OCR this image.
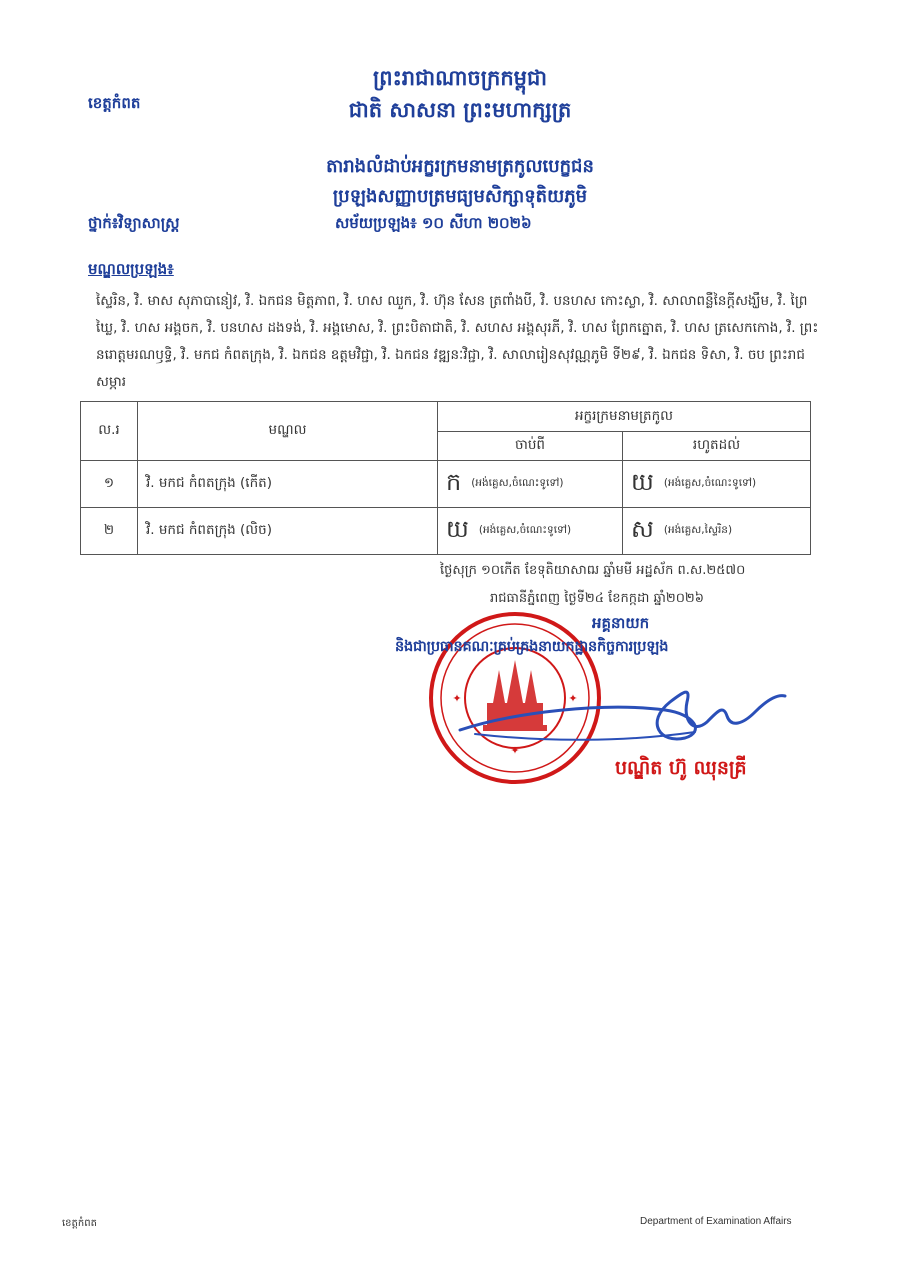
ព្រះរាជាណាចក្រកម្ពុជា
ជាតិ សាសនា ព្រះមហាក្សត្រ
ខេត្តកំពត
តារាងលំដាប់អក្ខរក្រមនាមត្រកូលបេក្ខជន
ប្រឡងសញ្ញាបត្រមធ្យមសិក្សាទុតិយភូមិ
ថ្នាក់៖វិទ្យាសាស្ត្រ	សម័យប្រឡង៖ ១០ សីហា ២០២៦
មណ្ឌលប្រឡង៖
ស្ទៃរិន, វិ. មាស សុភាបានៀវ, វិ. ឯកជន មិត្តភាព, វិ. ហស ឈួក, វិ. ហ៊ុន សែន ត្រពាំងបី, វិ. បនហស កោះស្លា, វិ. សាលាពន្លឺនៃក្តីសង្ឃឹម, វិ. ព្រៃឃ្លៃ, វិ. ហស អង្គចក, វិ. បនហស ដងទង់, វិ. អង្គមោស, វិ. ព្រះបិតាជាតិ, វិ. សហស អង្គសុរភី, វិ. ហស ព្រែកត្នោត, វិ. ហស ត្រសេកកោង, វិ. ព្រះនរោត្តមរណឫទ្ធិ, វិ. មកជ កំពតក្រុង, វិ. ឯកជន ឧត្តមវិជ្ជា, វិ. ឯកជន វឌ្ឍនៈវិជ្ជា, វិ. សាលារៀនសុវណ្ណភូមិ ទី២៩, វិ. ឯកជន ទិសា, វិ. ចប ព្រះរាជសម្ភារ
ល.រ	មណ្ឌល	អក្ខរក្រមនាមត្រកូល	
		ចាប់ពី	រហូតដល់
១	វិ. មកជ កំពតក្រុង (កើត)	ក (អង់គ្លេស,ចំណេះទូទៅ)	យ (អង់គ្លេស,ចំណេះទូទៅ)
២	វិ. មកជ កំពតក្រុង (លិច)	យ (អង់គ្លេស,ចំណេះទូទៅ)	ស (អង់គ្លេស,ស្ទៃរិន)
ថ្ងៃសុក្រ ១០កើត ខែទុតិយាសាឍ ឆ្នាំមមី អដ្ឋស័ក ព.ស.២៥៧០
រាជធានីភ្នំពេញ ថ្ងៃទី២៤ ខែកក្កដា ឆ្នាំ២០២៦
✦
✦	✦
អគ្គនាយក
និងជាប្រធានគណៈគ្រប់គ្រងនាយកដ្ឋានកិច្ចការប្រឡង
បណ្ឌិត ហ៊ូ ឈុនគ្រី
ខេត្តកំពត	Department of Examination Affairs
